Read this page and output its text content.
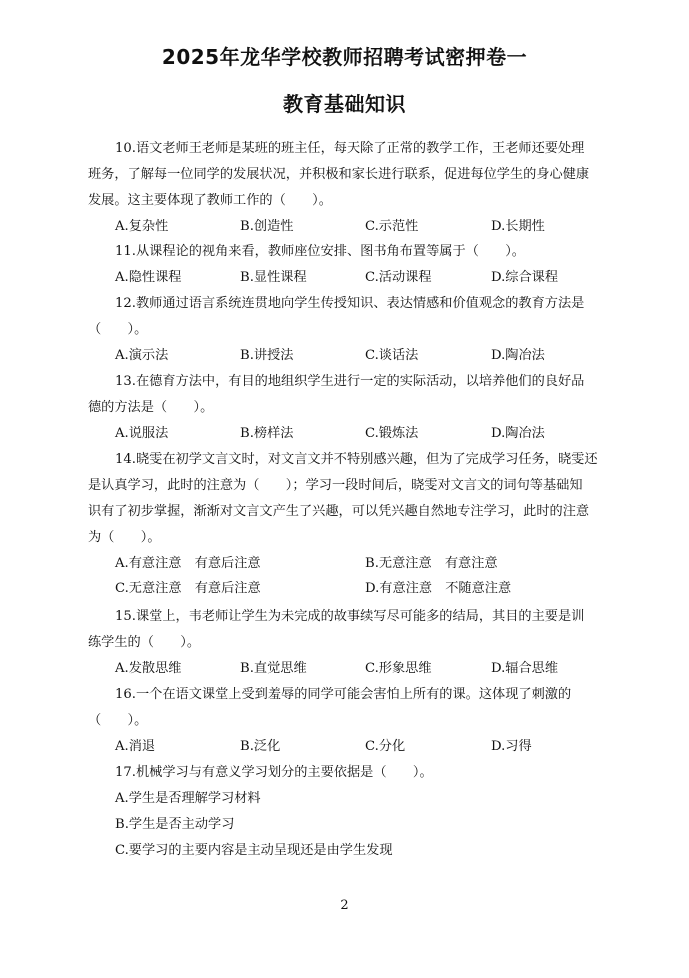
2025年龙华学校教师招聘考试密押卷一
教育基础知识
10.语文老师王老师是某班的班主任，每天除了正常的教学工作，王老师还要处理
班务，了解每一位同学的发展状况，并积极和家长进行联系，促进每位学生的身心健康
发展。这主要体现了教师工作的（　　）。
A.复杂性	B.创造性	C.示范性	D.长期性
11.从课程论的视角来看，教师座位安排、图书角布置等属于（　　）。
A.隐性课程	B.显性课程	C.活动课程	D.综合课程
12.教师通过语言系统连贯地向学生传授知识、表达情感和价值观念的教育方法是
（　　）。
A.演示法	B.讲授法	C.谈话法	D.陶冶法
13.在德育方法中，有目的地组织学生进行一定的实际活动，以培养他们的良好品
德的方法是（　　）。
A.说服法	B.榜样法	C.锻炼法	D.陶冶法
14.晓雯在初学文言文时，对文言文并不特别感兴趣，但为了完成学习任务，晓雯还
是认真学习，此时的注意为（　　）；学习一段时间后，晓雯对文言文的词句等基础知
识有了初步掌握，渐渐对文言文产生了兴趣，可以凭兴趣自然地专注学习，此时的注意
为（　　）。
A.有意注意　有意后注意	B.无意注意　有意注意
C.无意注意　有意后注意	D.有意注意　不随意注意
15.课堂上，韦老师让学生为未完成的故事续写尽可能多的结局，其目的主要是训
练学生的（　　）。
A.发散思维	B.直觉思维	C.形象思维	D.辐合思维
16.一个在语文课堂上受到羞辱的同学可能会害怕上所有的课。这体现了刺激的
（　　）。
A.消退	B.泛化	C.分化	D.习得
17.机械学习与有意义学习划分的主要依据是（　　）。
A.学生是否理解学习材料
B.学生是否主动学习
C.要学习的主要内容是主动呈现还是由学生发现
2
